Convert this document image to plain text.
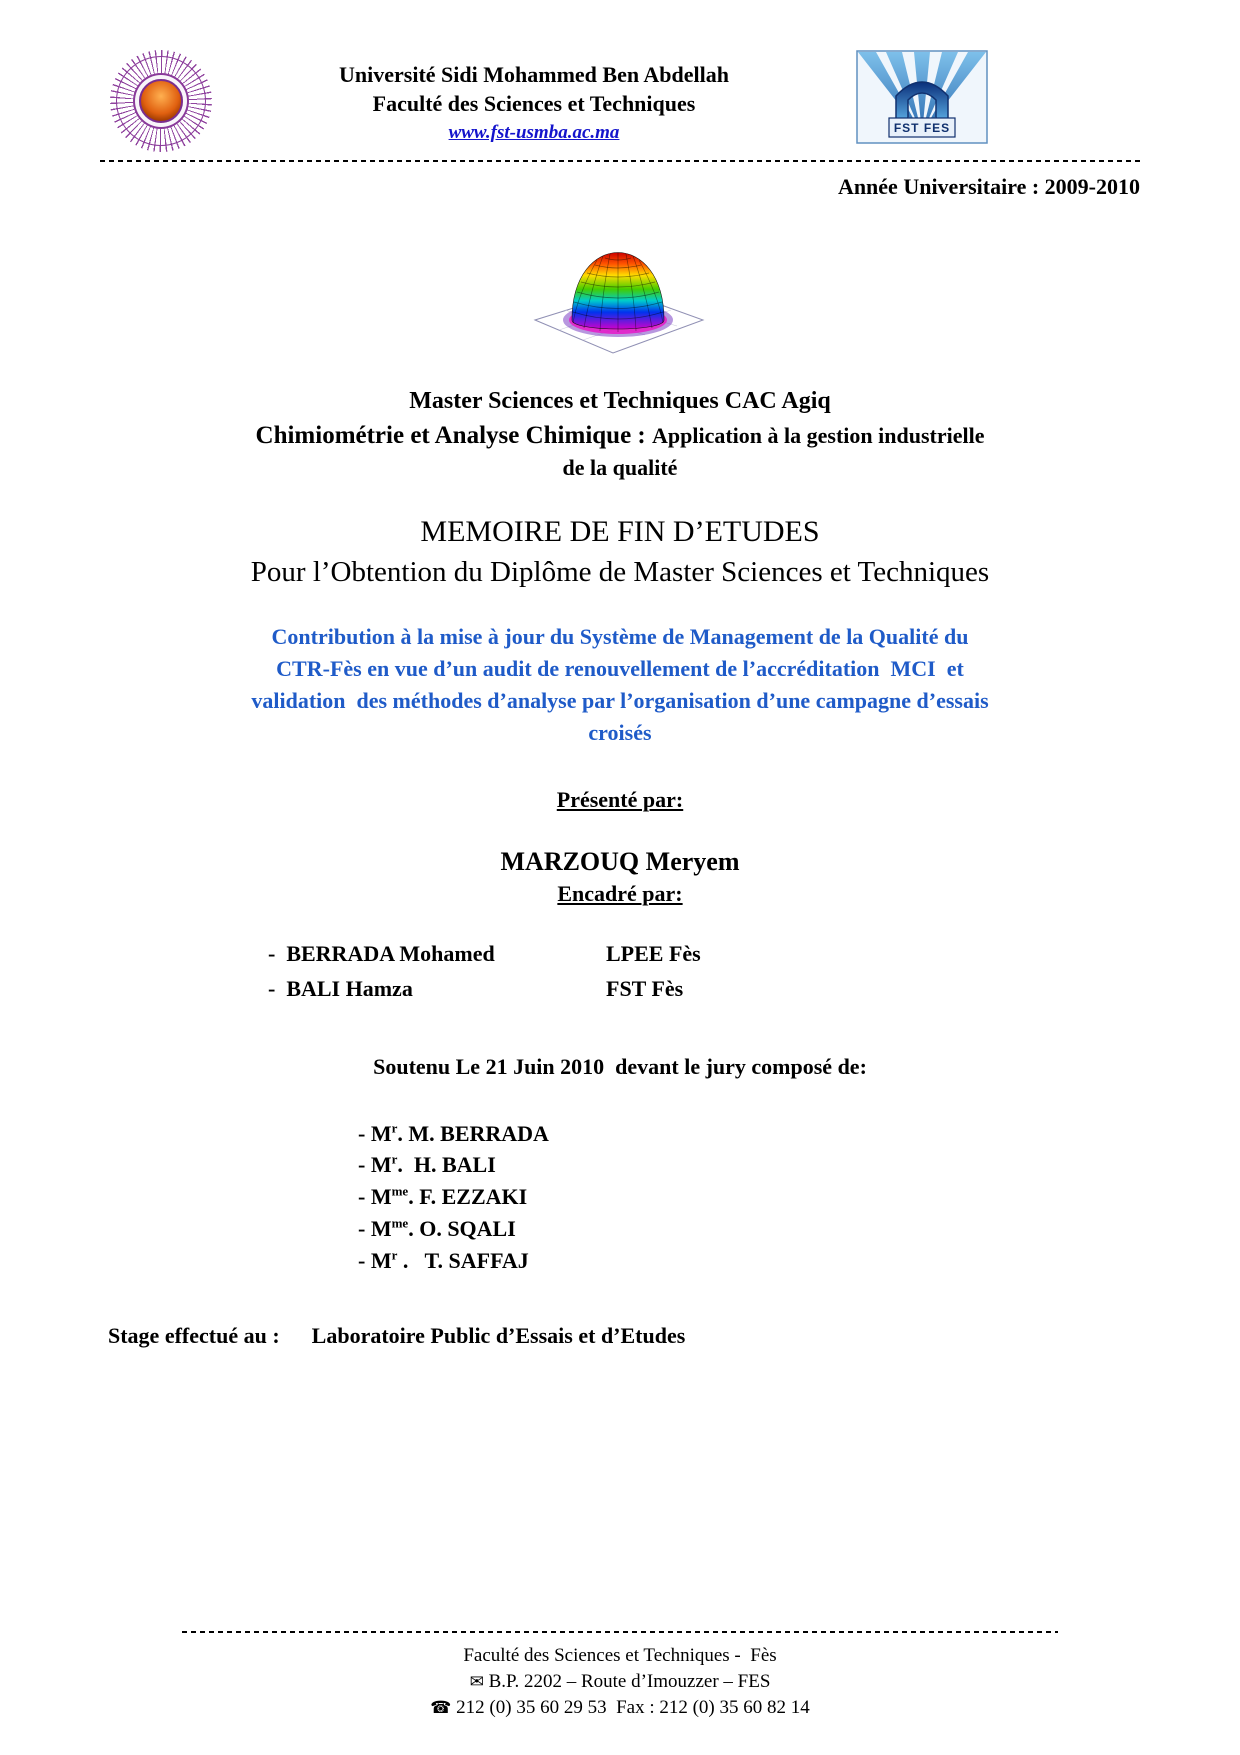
Université Sidi Mohammed Ben Abdellah
Faculté des Sciences et Techniques
www.fst-usmba.ac.ma	FST FES
Année Universitaire : 2009-2010
Master Sciences et Techniques CAC Agiq
Chimiométrie et Analyse Chimique : Application à la gestion industrielle
de la qualité
MEMOIRE DE FIN D’ETUDES
Pour l’Obtention du Diplôme de Master Sciences et Techniques
Contribution à la mise à jour du Système de Management de la Qualité du
CTR-Fès en vue d’un audit de renouvellement de l’accréditation  MCI  et
validation  des méthodes d’analyse par l’organisation d’une campagne d’essais
croisés
Présenté par:
MARZOUQ Meryem
Encadré par:
-  BERRADA Mohamed	LPEE Fès
-  BALI Hamza	FST Fès
Soutenu Le 21 Juin 2010  devant le jury composé de:
- $M^r$. M. BERRADA
- $M^r$.  H. BALI
- $M^{me}$. F. EZZAKI
- $M^{me}$. O. SQALI
- $M^r$ .   T. SAFFAJ
Stage effectué au : Laboratoire Public d’Essais et d’Etudes
Faculté des Sciences et Techniques -  Fès
✉ B.P. 2202 – Route d’Imouzzer – FES
☎ 212 (0) 35 60 29 53  Fax : 212 (0) 35 60 82 14
